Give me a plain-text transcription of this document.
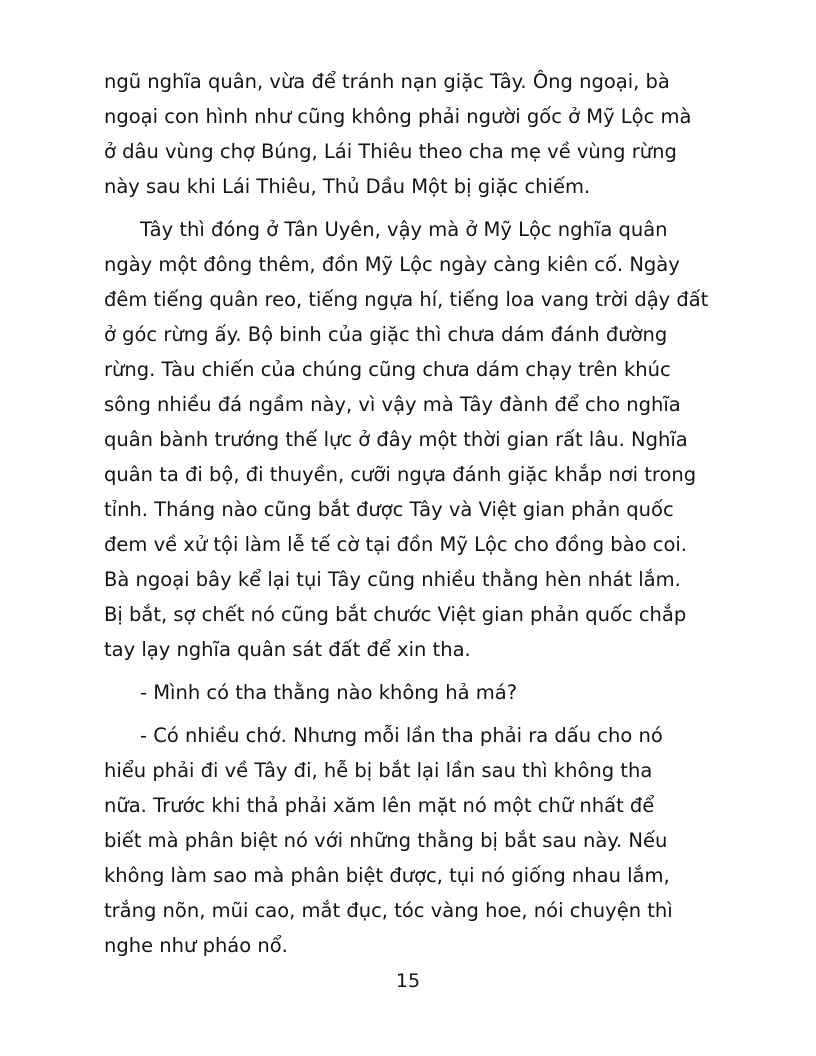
ngũ nghĩa quân, vừa để tránh nạn giặc Tây. Ông ngoại, bà
ngoại con hình như cũng không phải người gốc ở Mỹ Lộc mà
ở dâu vùng chợ Búng, Lái Thiêu theo cha mẹ về vùng rừng
này sau khi Lái Thiêu, Thủ Dầu Một bị giặc chiếm.

Tây thì đóng ở Tân Uyên, vậy mà ở Mỹ Lộc nghĩa quân
ngày một đông thêm, đồn Mỹ Lộc ngày càng kiên cố. Ngày
đêm tiếng quân reo, tiếng ngựa hí, tiếng loa vang trời dậy đất
ở góc rừng ấy. Bộ binh của giặc thì chưa dám đánh đường
rừng. Tàu chiến của chúng cũng chưa dám chạy trên khúc
sông nhiều đá ngầm này, vì vậy mà Tây đành để cho nghĩa
quân bành trướng thế lực ở đây một thời gian rất lâu. Nghĩa
quân ta đi bộ, đi thuyền, cưỡi ngựa đánh giặc khắp nơi trong
tỉnh. Tháng nào cũng bắt được Tây và Việt gian phản quốc
đem về xử tội làm lễ tế cờ tại đồn Mỹ Lộc cho đồng bào coi.
Bà ngoại bây kể lại tụi Tây cũng nhiều thằng hèn nhát lắm.
Bị bắt, sợ chết nó cũng bắt chước Việt gian phản quốc chắp
tay lạy nghĩa quân sát đất để xin tha.

- Mình có tha thằng nào không hả má?

- Có nhiều chớ. Nhưng mỗi lần tha phải ra dấu cho nó
hiểu phải đi về Tây đi, hễ bị bắt lại lần sau thì không tha
nữa. Trước khi thả phải xăm lên mặt nó một chữ nhất để
biết mà phân biệt nó với những thằng bị bắt sau này. Nếu
không làm sao mà phân biệt được, tụi nó giống nhau lắm,
trắng nõn, mũi cao, mắt đục, tóc vàng hoe, nói chuyện thì
nghe như pháo nổ.

15
